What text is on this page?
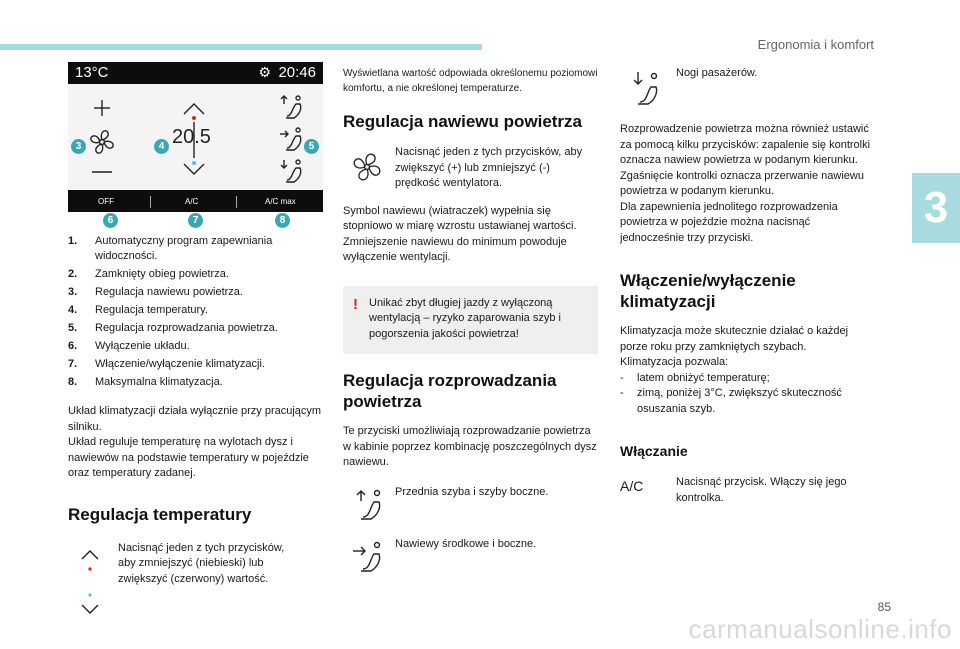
Ergonomia i komfort
3
85
carmanualsonline.info
13°C	⚙ 20:46
20.5
OFF	A/C	A/C max
3	4	5
6	7	8
1.	Automatyczny program zapewniania widoczności.
2.	Zamknięty obieg powietrza.
3.	Regulacja nawiewu powietrza.
4.	Regulacja temperatury.
5.	Regulacja rozprowadzania powietrza.
6.	Wyłączenie układu.
7.	Włączenie/wyłączenie klimatyzacji.
8.	Maksymalna klimatyzacja.
Układ klimatyzacji działa wyłącznie przy pracującym silniku.
Układ reguluje temperaturę na wylotach dysz i nawiewów na podstawie temperatury w pojeździe oraz temperatury zadanej.
Regulacja temperatury
Nacisnąć jeden z tych przycisków, aby zmniejszyć (niebieski) lub zwiększyć (czerwony) wartość.
Wyświetlana wartość odpowiada określonemu poziomowi komfortu, a nie określonej temperaturze.
Regulacja nawiewu powietrza
Nacisnąć jeden z tych przycisków, aby zwiększyć (+) lub zmniejszyć (-) prędkość wentylatora.
Symbol nawiewu (wiatraczek) wypełnia się stopniowo w miarę wzrostu ustawianej wartości.
Zmniejszenie nawiewu do minimum powoduje wyłączenie wentylacji.
! Unikać zbyt długiej jazdy z wyłączoną wentylacją – ryzyko zaparowania szyb i pogorszenia jakości powietrza!
Regulacja rozprowadzania powietrza
Te przyciski umożliwiają rozprowadzanie powietrza w kabinie poprzez kombinację poszczególnych dysz nawiewu.
Przednia szyba i szyby boczne.
Nawiewy środkowe i boczne.
Nogi pasażerów.
Rozprowadzenie powietrza można również ustawić za pomocą kilku przycisków: zapalenie się kontrolki oznacza nawiew powietrza w podanym kierunku. Zgaśnięcie kontrolki oznacza przerwanie nawiewu powietrza w podanym kierunku.
Dla zapewnienia jednolitego rozprowadzenia powietrza w pojeździe można nacisnąć jednocześnie trzy przyciski.
Włączenie/wyłączenie klimatyzacji
Klimatyzacja może skutecznie działać o każdej porze roku przy zamkniętych szybach.
Klimatyzacja pozwala:
-	latem obniżyć temperaturę;
-	zimą, poniżej 3°C, zwiększyć skuteczność osuszania szyb.
Włączanie
A/C	Nacisnąć przycisk. Włączy się jego kontrolka.
